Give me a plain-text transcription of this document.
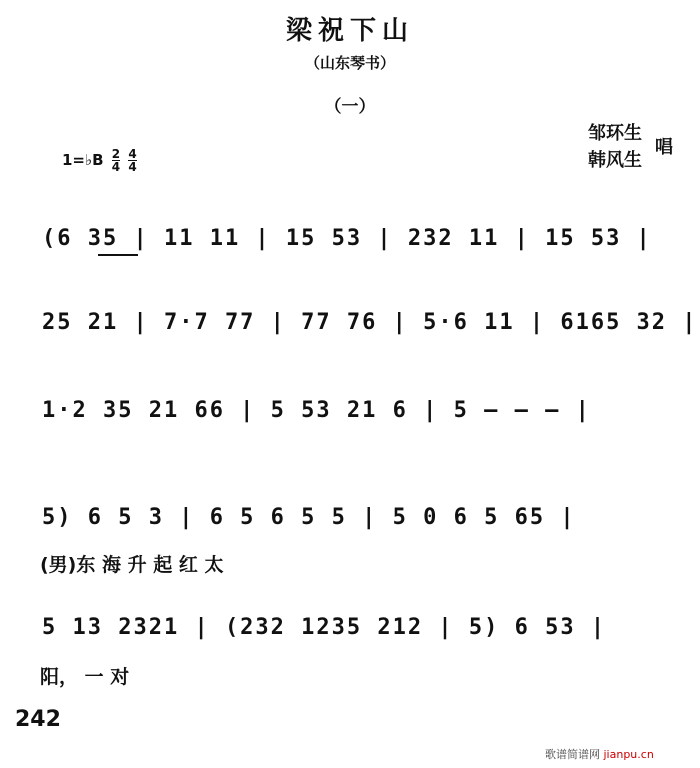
梁祝下山
（山东琴书）
（一）
邹环生
韩风生
唱
1=♭B $\frac{2}{4}$
$\frac{4}{4}$
(6 35 | 11 11 | 15 53 | 232 11 | 15 53 |
25 21 | 7·7 77 | 77 76 | 5·6 11 | 6165 32 |
1·2 35 21 66 | 5 53 21 6 | 5 — — — |
5) 6 5 3 | 6 5 6 5 5 | 5 0 6 5 65 |
(男)东 海 升 起 红 太
5 13 2321 | (232 1235 212 | 5) 6 53 |
阳， 一 对
242
歌谱简谱网 jianpu.cn
